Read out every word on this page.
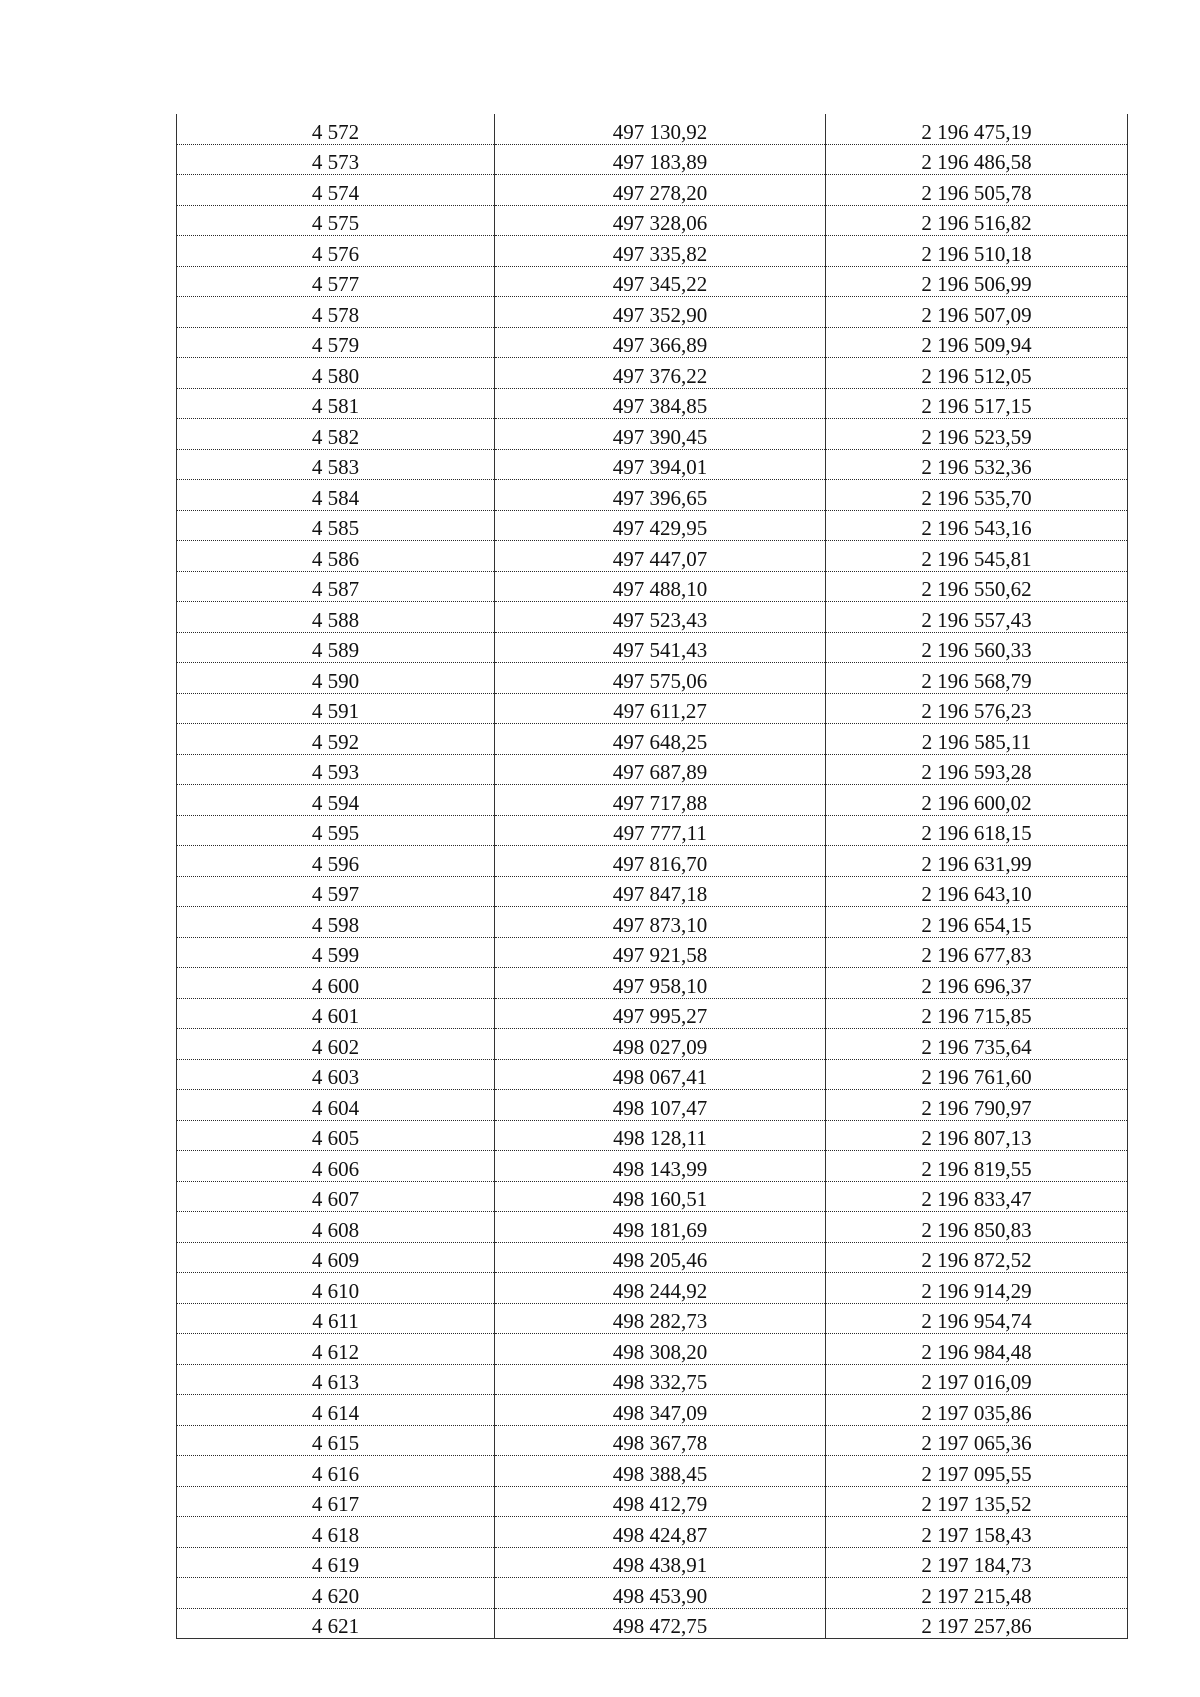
4 572	497 130,92	2 196 475,19
4 573	497 183,89	2 196 486,58
4 574	497 278,20	2 196 505,78
4 575	497 328,06	2 196 516,82
4 576	497 335,82	2 196 510,18
4 577	497 345,22	2 196 506,99
4 578	497 352,90	2 196 507,09
4 579	497 366,89	2 196 509,94
4 580	497 376,22	2 196 512,05
4 581	497 384,85	2 196 517,15
4 582	497 390,45	2 196 523,59
4 583	497 394,01	2 196 532,36
4 584	497 396,65	2 196 535,70
4 585	497 429,95	2 196 543,16
4 586	497 447,07	2 196 545,81
4 587	497 488,10	2 196 550,62
4 588	497 523,43	2 196 557,43
4 589	497 541,43	2 196 560,33
4 590	497 575,06	2 196 568,79
4 591	497 611,27	2 196 576,23
4 592	497 648,25	2 196 585,11
4 593	497 687,89	2 196 593,28
4 594	497 717,88	2 196 600,02
4 595	497 777,11	2 196 618,15
4 596	497 816,70	2 196 631,99
4 597	497 847,18	2 196 643,10
4 598	497 873,10	2 196 654,15
4 599	497 921,58	2 196 677,83
4 600	497 958,10	2 196 696,37
4 601	497 995,27	2 196 715,85
4 602	498 027,09	2 196 735,64
4 603	498 067,41	2 196 761,60
4 604	498 107,47	2 196 790,97
4 605	498 128,11	2 196 807,13
4 606	498 143,99	2 196 819,55
4 607	498 160,51	2 196 833,47
4 608	498 181,69	2 196 850,83
4 609	498 205,46	2 196 872,52
4 610	498 244,92	2 196 914,29
4 611	498 282,73	2 196 954,74
4 612	498 308,20	2 196 984,48
4 613	498 332,75	2 197 016,09
4 614	498 347,09	2 197 035,86
4 615	498 367,78	2 197 065,36
4 616	498 388,45	2 197 095,55
4 617	498 412,79	2 197 135,52
4 618	498 424,87	2 197 158,43
4 619	498 438,91	2 197 184,73
4 620	498 453,90	2 197 215,48
4 621	498 472,75	2 197 257,86
